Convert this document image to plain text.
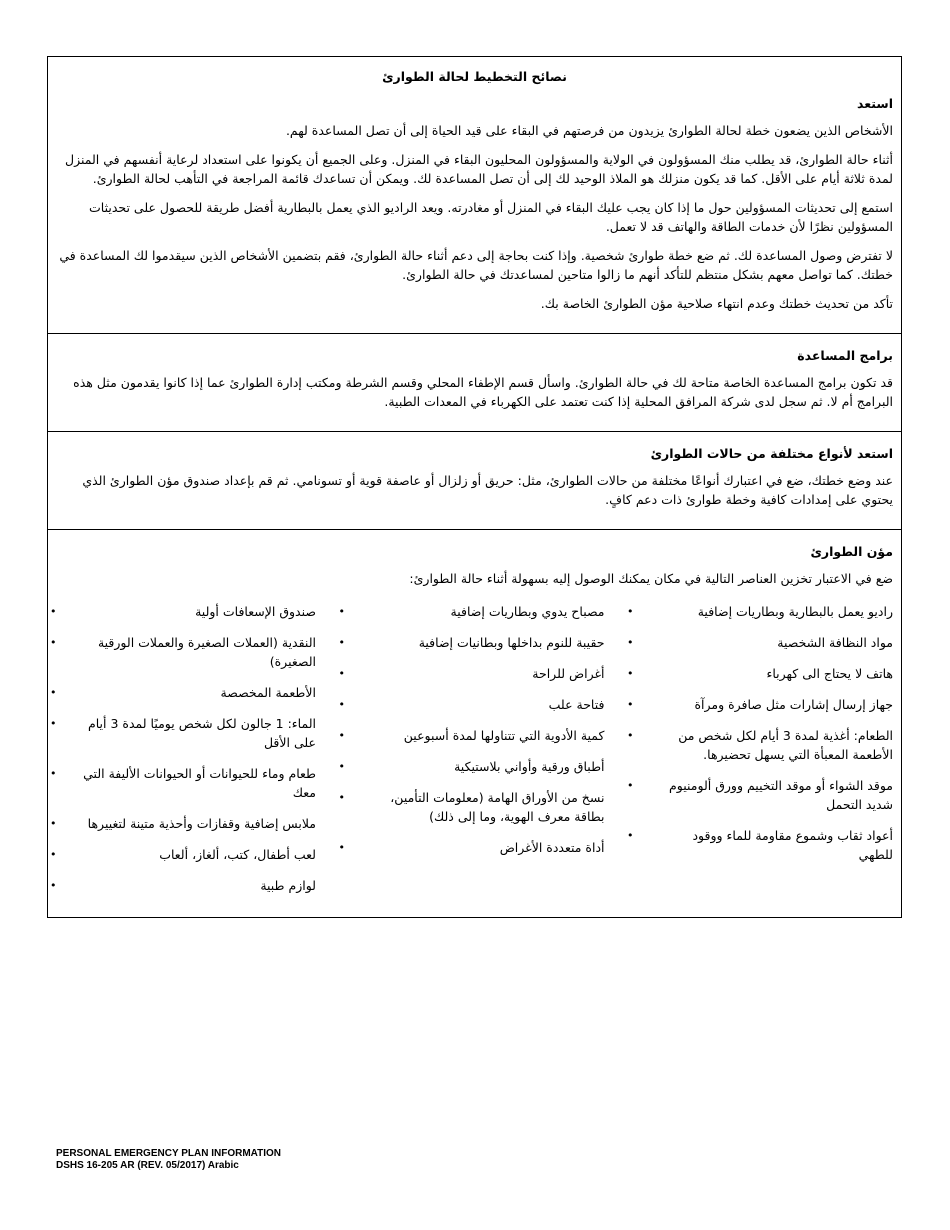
نصائح التخطيط لحالة الطوارئ
استعد

الأشخاص الذين يضعون خطة لحالة الطوارئ يزيدون من فرصتهم في البقاء على قيد الحياة إلى أن تصل المساعدة لهم.

أثناء حالة الطوارئ، قد يطلب منك المسؤولون في الولاية والمسؤولون المحليون البقاء في المنزل. وعلى الجميع أن يكونوا على استعداد لرعاية أنفسهم في المنزل لمدة ثلاثة أيام على الأقل. كما قد يكون منزلك هو الملاذ الوحيد لك إلى أن تصل المساعدة لك. ويمكن أن تساعدك قائمة المراجعة في التأهب لحالة الطوارئ.

استمع إلى تحديثات المسؤولين حول ما إذا كان يجب عليك البقاء في المنزل أو مغادرته. ويعد الراديو الذي يعمل بالبطارية أفضل طريقة للحصول على تحديثات المسؤولين نظرًا لأن خدمات الطاقة والهاتف قد لا تعمل.

لا تفترض وصول المساعدة لك. ثم ضع خطة طوارئ شخصية. وإذا كنت بحاجة إلى دعم أثناء حالة الطوارئ، فقم بتضمين الأشخاص الذين سيقدموا لك المساعدة في خطتك. كما تواصل معهم بشكل منتظم للتأكد أنهم ما زالوا متاحين لمساعدتك في حالة الطوارئ.

تأكد من تحديث خطتك وعدم انتهاء صلاحية مؤن الطوارئ الخاصة بك.

برامج المساعدة

قد تكون برامج المساعدة الخاصة متاحة لك في حالة الطوارئ. واسأل قسم الإطفاء المحلي وقسم الشرطة ومكتب إدارة الطوارئ عما إذا كانوا يقدمون مثل هذه البرامج أم لا. ثم سجل لدى شركة المرافق المحلية إذا كنت تعتمد على الكهرباء في المعدات الطبية.

استعد لأنواع مختلفة من حالات الطوارئ

عند وضع خطتك، ضع في اعتبارك أنواعًا مختلفة من حالات الطوارئ، مثل: حريق أو زلزال أو عاصفة قوية أو تسونامي. ثم قم بإعداد صندوق مؤن الطوارئ الذي يحتوي على إمدادات كافية وخطة طوارئ ذات دعم كافٍ.

مؤن الطوارئ

ضع في الاعتبار تخزين العناصر التالية في مكان يمكنك الوصول إليه بسهولة أثناء حالة الطوارئ:

•	راديو يعمل بالبطارية وبطاريات إضافية
•	مواد النظافة الشخصية
•	هاتف لا يحتاج الى كهرباء
•	جهاز إرسال إشارات مثل صافرة ومرآة
•	الطعام: أغذية لمدة 3 أيام لكل شخص من الأطعمة المعبأة التي يسهل تحضيرها.
•	موقد الشواء أو موقد التخييم وورق ألومنيوم شديد التحمل
•	أعواد ثقاب وشموع مقاومة للماء ووقود للطهي
•	مصباح يدوي وبطاريات إضافية
•	حقيبة للنوم بداخلها وبطانيات إضافية
•	أغراض للراحة
•	فتاحة علب
•	كمية الأدوية التي تتناولها لمدة أسبوعين
•	أطباق ورقية وأواني بلاستيكية
•	نسخ من الأوراق الهامة (معلومات التأمين، بطاقة معرف الهوية، وما إلى ذلك)
•	أداة متعددة الأغراض
•	صندوق الإسعافات أولية
•	النقدية (العملات الصغيرة والعملات الورقية الصغيرة)
•	الأطعمة المخصصة
•	الماء: 1 جالون لكل شخص يوميًا لمدة 3 أيام على الأقل
• طعام وماء للحيوانات أو الحيوانات الأليفة التي معك
•	ملابس إضافية وقفازات وأحذية متينة لتغييرها
•	لعب أطفال، كتب، ألغاز، ألعاب
•	لوازم طبية
PERSONAL EMERGENCY PLAN INFORMATION
DSHS 16-205 AR (REV. 05/2017) Arabic
